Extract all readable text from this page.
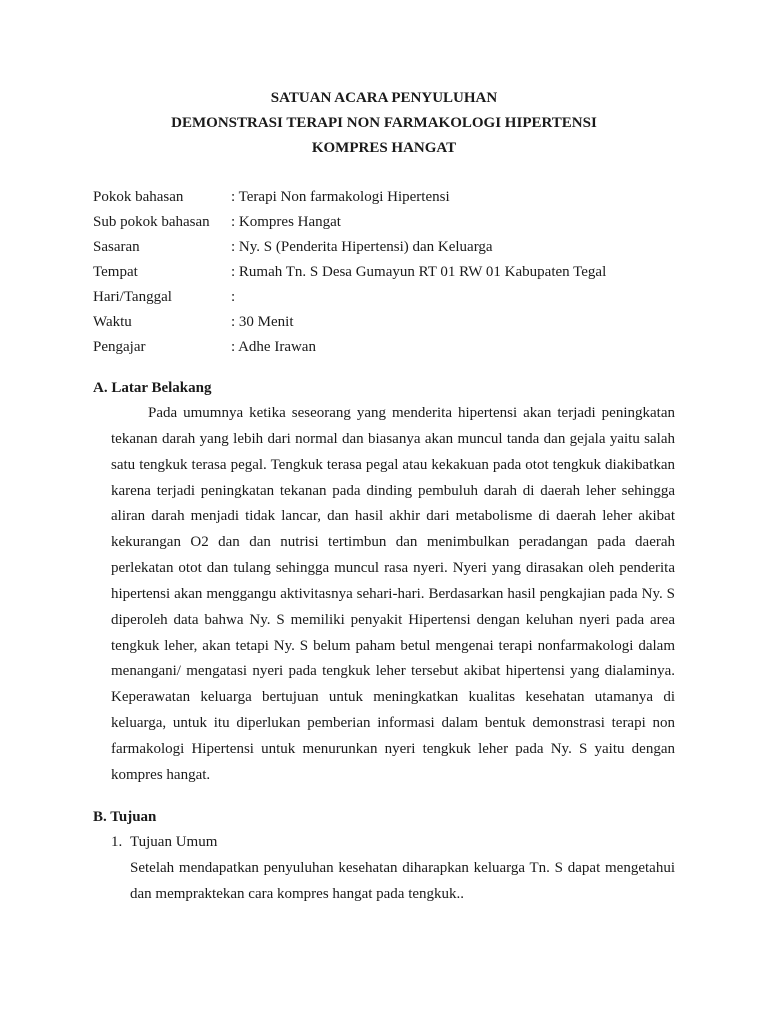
SATUAN ACARA PENYULUHAN
DEMONSTRASI TERAPI NON FARMAKOLOGI HIPERTENSI
KOMPRES HANGAT
Pokok bahasan	: Terapi Non farmakologi Hipertensi
Sub pokok bahasan	: Kompres Hangat
Sasaran	: Ny. S (Penderita Hipertensi) dan Keluarga
Tempat	: Rumah Tn. S Desa Gumayun RT 01 RW 01 Kabupaten Tegal
Hari/Tanggal	:
Waktu	: 30 Menit
Pengajar	: Adhe Irawan
A. Latar Belakang

Pada umumnya ketika seseorang yang menderita hipertensi akan terjadi peningkatan tekanan darah yang lebih dari normal dan biasanya akan muncul tanda dan gejala yaitu salah satu tengkuk terasa pegal. Tengkuk terasa pegal atau kekakuan pada otot tengkuk diakibatkan karena terjadi peningkatan tekanan pada dinding pembuluh darah di daerah leher sehingga aliran darah menjadi tidak lancar, dan hasil akhir dari metabolisme di daerah leher akibat kekurangan O2 dan dan nutrisi tertimbun dan menimbulkan peradangan pada daerah perlekatan otot dan tulang sehingga muncul rasa nyeri. Nyeri yang dirasakan oleh penderita hipertensi akan menggangu aktivitasnya sehari-hari. Berdasarkan hasil pengkajian pada Ny. S diperoleh data bahwa Ny. S memiliki penyakit Hipertensi dengan keluhan nyeri pada area tengkuk leher, akan tetapi Ny. S belum paham betul mengenai terapi nonfarmakologi dalam menangani/ mengatasi nyeri pada tengkuk leher tersebut akibat hipertensi yang dialaminya. Keperawatan keluarga bertujuan untuk meningkatkan kualitas kesehatan utamanya di keluarga, untuk itu diperlukan pemberian informasi dalam bentuk demonstrasi terapi non farmakologi Hipertensi untuk menurunkan nyeri tengkuk leher pada Ny. S yaitu dengan kompres hangat.

B. Tujuan
1. Tujuan Umum

Setelah mendapatkan penyuluhan kesehatan diharapkan keluarga Tn. S dapat mengetahui dan mempraktekan cara kompres hangat pada tengkuk..
